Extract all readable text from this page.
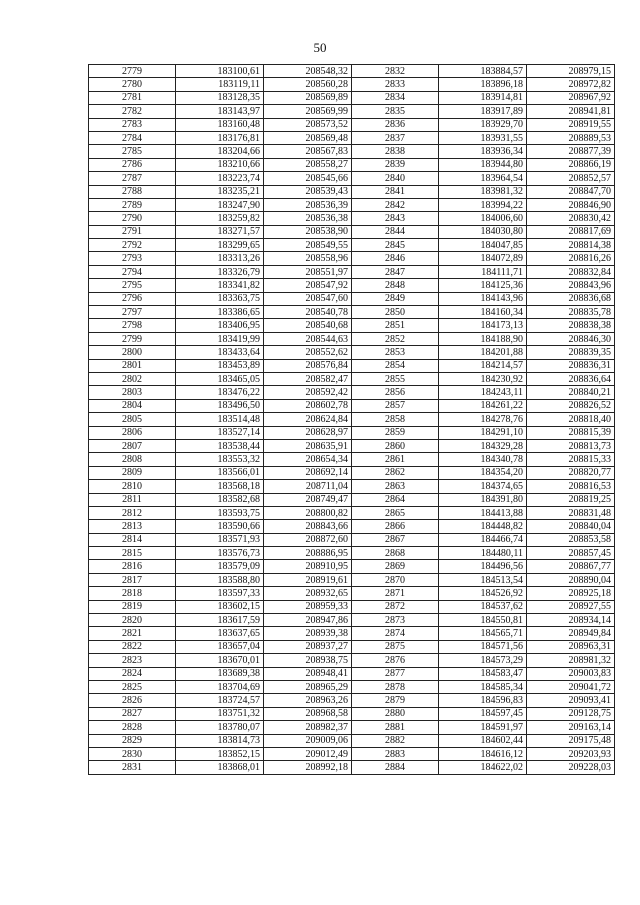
50
2779	183100,61	208548,32	2832	183884,57	208979,15
2780	183119,11	208560,28	2833	183896,18	208972,82
2781	183128,35	208569,89	2834	183914,81	208967,92
2782	183143,97	208569,99	2835	183917,89	208941,81
2783	183160,48	208573,52	2836	183929,70	208919,55
2784	183176,81	208569,48	2837	183931,55	208889,53
2785	183204,66	208567,83	2838	183936,34	208877,39
2786	183210,66	208558,27	2839	183944,80	208866,19
2787	183223,74	208545,66	2840	183964,54	208852,57
2788	183235,21	208539,43	2841	183981,32	208847,70
2789	183247,90	208536,39	2842	183994,22	208846,90
2790	183259,82	208536,38	2843	184006,60	208830,42
2791	183271,57	208538,90	2844	184030,80	208817,69
2792	183299,65	208549,55	2845	184047,85	208814,38
2793	183313,26	208558,96	2846	184072,89	208816,26
2794	183326,79	208551,97	2847	184111,71	208832,84
2795	183341,82	208547,92	2848	184125,36	208843,96
2796	183363,75	208547,60	2849	184143,96	208836,68
2797	183386,65	208540,78	2850	184160,34	208835,78
2798	183406,95	208540,68	2851	184173,13	208838,38
2799	183419,99	208544,63	2852	184188,90	208846,30
2800	183433,64	208552,62	2853	184201,88	208839,35
2801	183453,89	208576,84	2854	184214,57	208836,31
2802	183465,05	208582,47	2855	184230,92	208836,64
2803	183476,22	208592,42	2856	184243,11	208840,21
2804	183496,50	208602,78	2857	184261,22	208826,52
2805	183514,48	208624,84	2858	184278,76	208818,40
2806	183527,14	208628,97	2859	184291,10	208815,39
2807	183538,44	208635,91	2860	184329,28	208813,73
2808	183553,32	208654,34	2861	184340,78	208815,33
2809	183566,01	208692,14	2862	184354,20	208820,77
2810	183568,18	208711,04	2863	184374,65	208816,53
2811	183582,68	208749,47	2864	184391,80	208819,25
2812	183593,75	208800,82	2865	184413,88	208831,48
2813	183590,66	208843,66	2866	184448,82	208840,04
2814	183571,93	208872,60	2867	184466,74	208853,58
2815	183576,73	208886,95	2868	184480,11	208857,45
2816	183579,09	208910,95	2869	184496,56	208867,77
2817	183588,80	208919,61	2870	184513,54	208890,04
2818	183597,33	208932,65	2871	184526,92	208925,18
2819	183602,15	208959,33	2872	184537,62	208927,55
2820	183617,59	208947,86	2873	184550,81	208934,14
2821	183637,65	208939,38	2874	184565,71	208949,84
2822	183657,04	208937,27	2875	184571,56	208963,31
2823	183670,01	208938,75	2876	184573,29	208981,32
2824	183689,38	208948,41	2877	184583,47	209003,83
2825	183704,69	208965,29	2878	184585,34	209041,72
2826	183724,57	208963,26	2879	184596,83	209093,41
2827	183751,32	208968,58	2880	184597,45	209128,75
2828	183780,07	208982,37	2881	184591,97	209163,14
2829	183814,73	209009,06	2882	184602,44	209175,48
2830	183852,15	209012,49	2883	184616,12	209203,93
2831	183868,01	208992,18	2884	184622,02	209228,03
